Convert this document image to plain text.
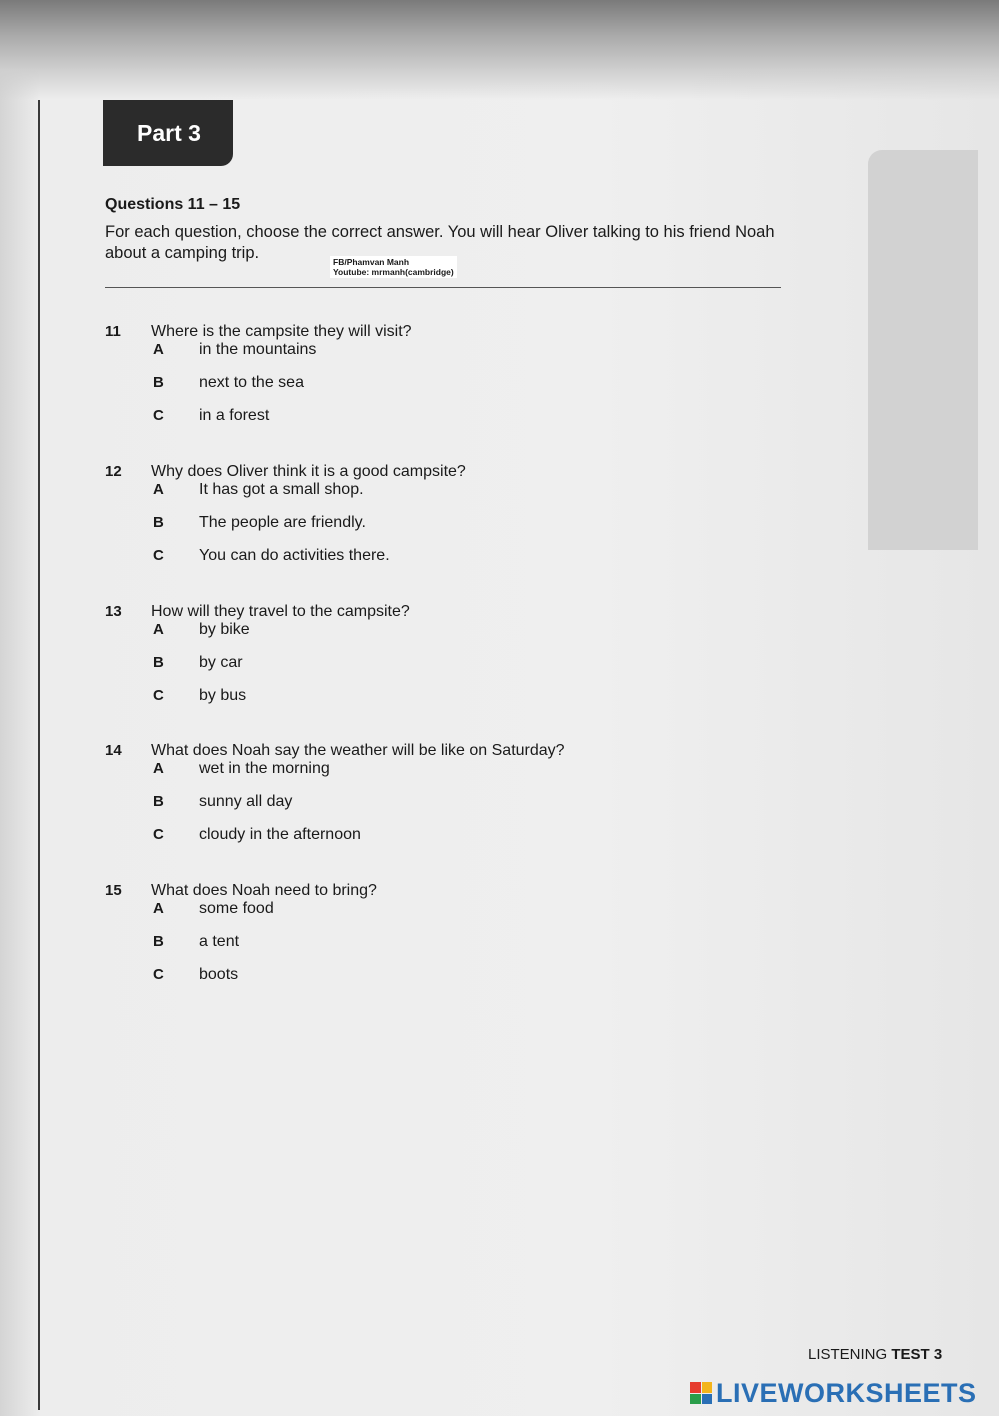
Part 3
Questions 11 – 15
For each question, choose the correct answer. You will hear Oliver talking to his friend Noah about a camping trip.	FB/Phamvan Manh
Youtube: mrmanh(cambridge)
11	Where is the campsite they will visit?
A	in the mountains
B	next to the sea
C	in a forest
12	Why does Oliver think it is a good campsite?
A	It has got a small shop.
B	The people are friendly.
C	You can do activities there.
13	How will they travel to the campsite?
A	by bike
B	by car
C	by bus
14	What does Noah say the weather will be like on Saturday?
A	wet in the morning
B	sunny all day
C	cloudy in the afternoon
15	What does Noah need to bring?
A	some food
B	a tent
C	boots
LISTENING TEST 3
LIVEWORKSHEETS
